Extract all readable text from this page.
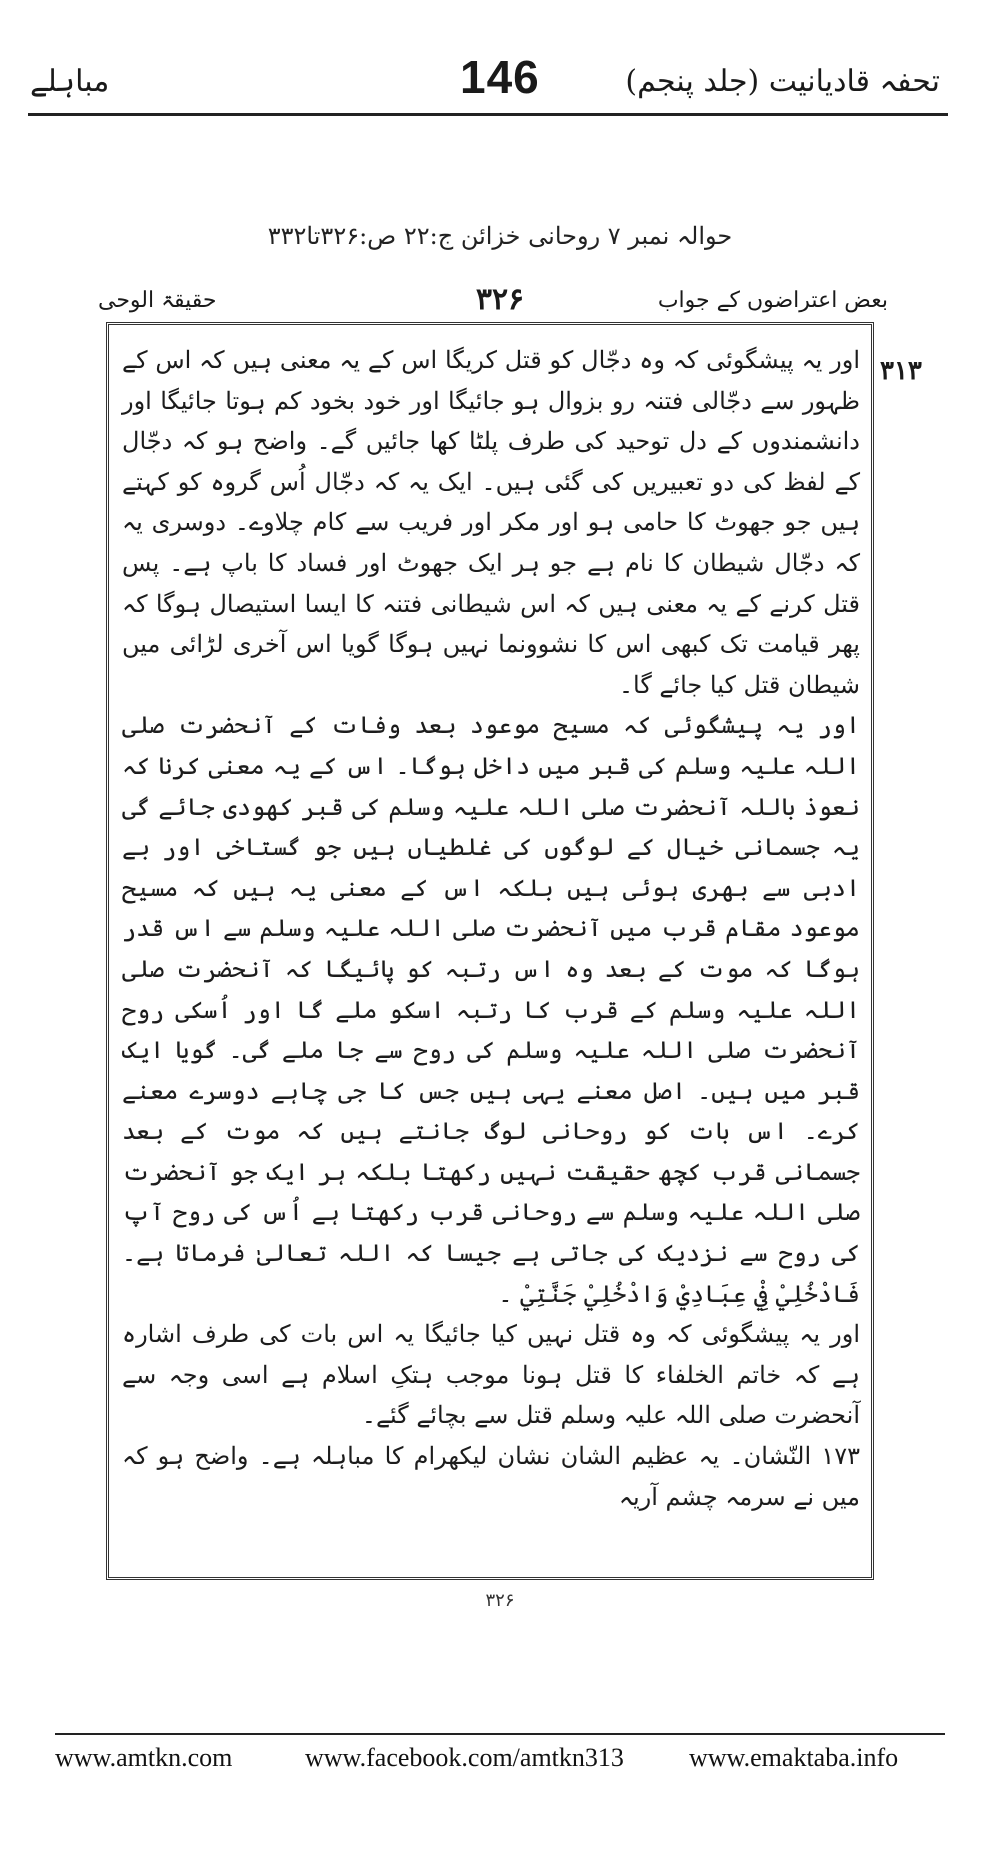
مباہلے	146	تحفہ قادیانیت (جلد پنجم)
حوالہ نمبر ۷ روحانی خزائن ج:۲۲ ص:۳۲۶تا۳۳۲
حقیقۃ الوحی	۳۲۶	بعض اعتراضوں کے جواب
۳۱۳

اور یہ پیشگوئی کہ وہ دجّال کو قتل کریگا اس کے یہ معنی ہیں کہ اس کے ظہور سے دجّالی فتنہ رو بزوال ہو جائیگا اور خود بخود کم ہوتا جائیگا اور دانشمندوں کے دل توحید کی طرف پلٹا کھا جائیں گے۔ واضح ہو کہ دجّال کے لفظ کی دو تعبیریں کی گئی ہیں۔ ایک یہ کہ دجّال اُس گروہ کو کہتے ہیں جو جھوٹ کا حامی ہو اور مکر اور فریب سے کام چلاوے۔ دوسری یہ کہ دجّال شیطان کا نام ہے جو ہر ایک جھوٹ اور فساد کا باپ ہے۔ پس قتل کرنے کے یہ معنی ہیں کہ اس شیطانی فتنہ کا ایسا استیصال ہوگا کہ پھر قیامت تک کبھی اس کا نشوونما نہیں ہوگا گویا اس آخری لڑائی میں شیطان قتل کیا جائے گا۔

اور یہ پیشگوئی کہ مسیح موعود بعد وفات کے آنحضرت صلی اللہ علیہ وسلم کی قبر میں داخل ہوگا۔ اس کے یہ معنی کرنا کہ نعوذ باللہ آنحضرت صلی اللہ علیہ وسلم کی قبر کھودی جائے گی یہ جسمانی خیال کے لوگوں کی غلطیاں ہیں جو گستاخی اور بے ادبی سے بھری ہوئی ہیں بلکہ اس کے معنی یہ ہیں کہ مسیح موعود مقام قرب میں آنحضرت صلی اللہ علیہ وسلم سے اس قدر ہوگا کہ موت کے بعد وہ اس رتبہ کو پائیگا کہ آنحضرت صلی اللہ علیہ وسلم کے قرب کا رتبہ اسکو ملے گا اور اُسکی روح آنحضرت صلی اللہ علیہ وسلم کی روح سے جا ملے گی۔ گویا ایک قبر میں ہیں۔ اصل معنے یہی ہیں جس کا جی چاہے دوسرے معنے کرے۔ اس بات کو روحانی لوگ جانتے ہیں کہ موت کے بعد جسمانی قرب کچھ حقیقت نہیں رکھتا بلکہ ہر ایک جو آنحضرت صلی اللہ علیہ وسلم سے روحانی قرب رکھتا ہے اُس کی روح آپ کی روح سے نزدیک کی جاتی ہے جیسا کہ اللہ تعالیٰ فرماتا ہے۔ فَادْخُلِيْ فِيْ عِبَادِيْ وَادْخُلِيْ جَنَّتِيْ ۔

اور یہ پیشگوئی کہ وہ قتل نہیں کیا جائیگا یہ اس بات کی طرف اشارہ ہے کہ خاتم الخلفاء کا قتل ہونا موجب ہتکِ اسلام ہے اسی وجہ سے آنحضرت صلی اللہ علیہ وسلم قتل سے بچائے گئے۔

۱۷۳ النّشان۔ یہ عظیم الشان نشان لیکھرام کا مباہلہ ہے۔ واضح ہو کہ میں نے سرمہ چشم آریہ

۳۲۶
www.amtkn.com	www.facebook.com/amtkn313	www.emaktaba.info
